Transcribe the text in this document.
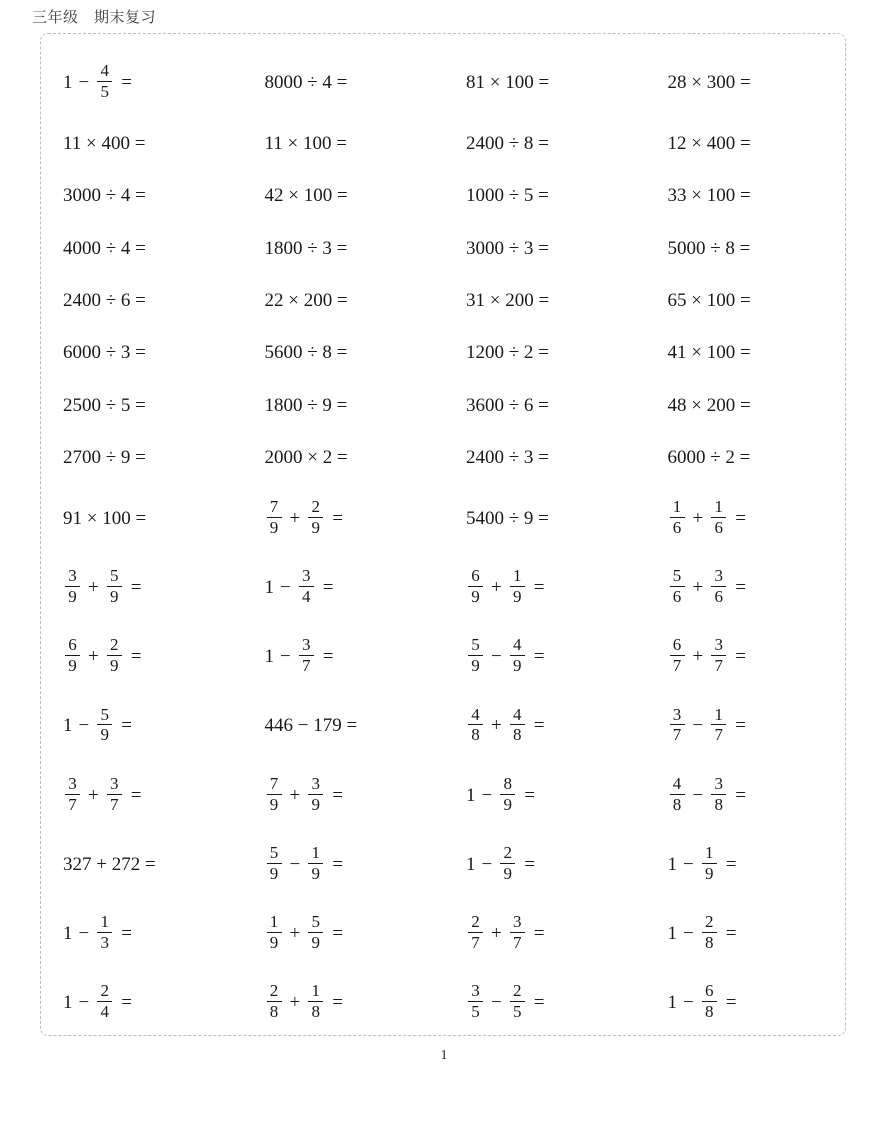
三年级　期末复习
$1 - \frac{4}{5}$ =	8000 ÷ 4 =	81 × 100 =	28 × 300 =
11 × 400 =	11 × 100 =	2400 ÷ 8 =	12 × 400 =
3000 ÷ 4 =	42 × 100 =	1000 ÷ 5 =	33 × 100 =
4000 ÷ 4 =	1800 ÷ 3 =	3000 ÷ 3 =	5000 ÷ 8 =
2400 ÷ 6 =	22 × 200 =	31 × 200 =	65 × 100 =
6000 ÷ 3 =	5600 ÷ 8 =	1200 ÷ 2 =	41 × 100 =
2500 ÷ 5 =	1800 ÷ 9 =	3600 ÷ 6 =	48 × 200 =
2700 ÷ 9 =	2000 × 2 =	2400 ÷ 3 =	6000 ÷ 2 =
91 × 100 =	$\frac{7}{9} + \frac{2}{9}$ =	5400 ÷ 9 =	$\frac{1}{6} + \frac{1}{6}$ =
$\frac{3}{9} + \frac{5}{9}$ =	$1 - \frac{3}{4}$ =	$\frac{6}{9} + \frac{1}{9}$ =	$\frac{5}{6} + \frac{3}{6}$ =
$\frac{6}{9} + \frac{2}{9}$ =	$1 - \frac{3}{7}$ =	$\frac{5}{9} - \frac{4}{9}$ =	$\frac{6}{7} + \frac{3}{7}$ =
$1 - \frac{5}{9}$ =	446 − 179 =	$\frac{4}{8} + \frac{4}{8}$ =	$\frac{3}{7} - \frac{1}{7}$ =
$\frac{3}{7} + \frac{3}{7}$ =	$\frac{7}{9} + \frac{3}{9}$ =	$1 - \frac{8}{9}$ =	$\frac{4}{8} - \frac{3}{8}$ =
327 + 272 =	$\frac{5}{9} - \frac{1}{9}$ =	$1 - \frac{2}{9}$ =	$1 - \frac{1}{9}$ =
$1 - \frac{1}{3}$ =	$\frac{1}{9} + \frac{5}{9}$ =	$\frac{2}{7} + \frac{3}{7}$ =	$1 - \frac{2}{8}$ =
$1 - \frac{2}{4}$ =	$\frac{2}{8} + \frac{1}{8}$ =	$\frac{3}{5} - \frac{2}{5}$ =	$1 - \frac{6}{8}$ =
1
